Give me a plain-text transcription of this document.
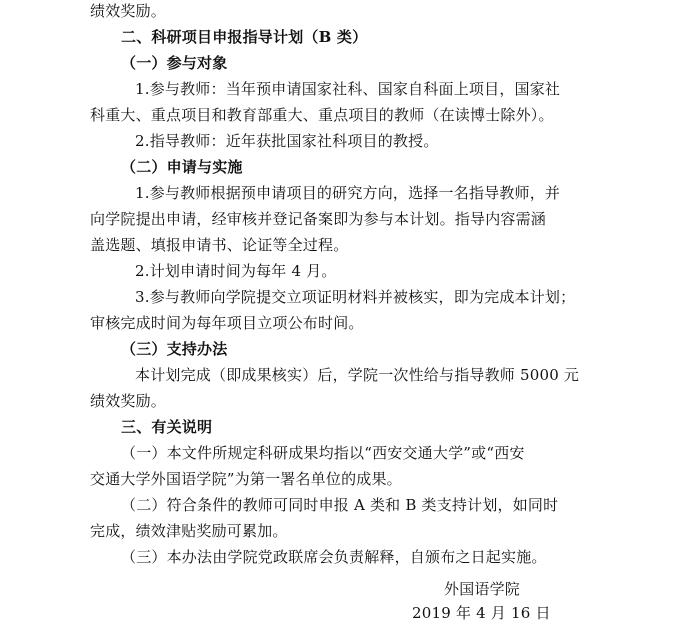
绩效奖励。
二、科研项目申报指导计划（B 类）
（一）参与对象
1.参与教师：当年预申请国家社科、国家自科面上项目，国家社
科重大、重点项目和教育部重大、重点项目的教师（在读博士除外）。
2.指导教师：近年获批国家社科项目的教授。
（二）申请与实施
1.参与教师根据预申请项目的研究方向，选择一名指导教师，并
向学院提出申请，经审核并登记备案即为参与本计划。指导内容需涵
盖选题、填报申请书、论证等全过程。
2.计划申请时间为每年 4 月。
3.参与教师向学院提交立项证明材料并被核实，即为完成本计划；
审核完成时间为每年项目立项公布时间。
（三）支持办法
本计划完成（即成果核实）后，学院一次性给与指导教师 5000 元
绩效奖励。
三、有关说明
（一）本文件所规定科研成果均指以“西安交通大学”或“西安
交通大学外国语学院”为第一署名单位的成果。
（二）符合条件的教师可同时申报 A 类和 B 类支持计划，如同时
完成，绩效津贴奖励可累加。
（三）本办法由学院党政联席会负责解释，自颁布之日起实施。
外国语学院
2019 年 4 月 16 日
